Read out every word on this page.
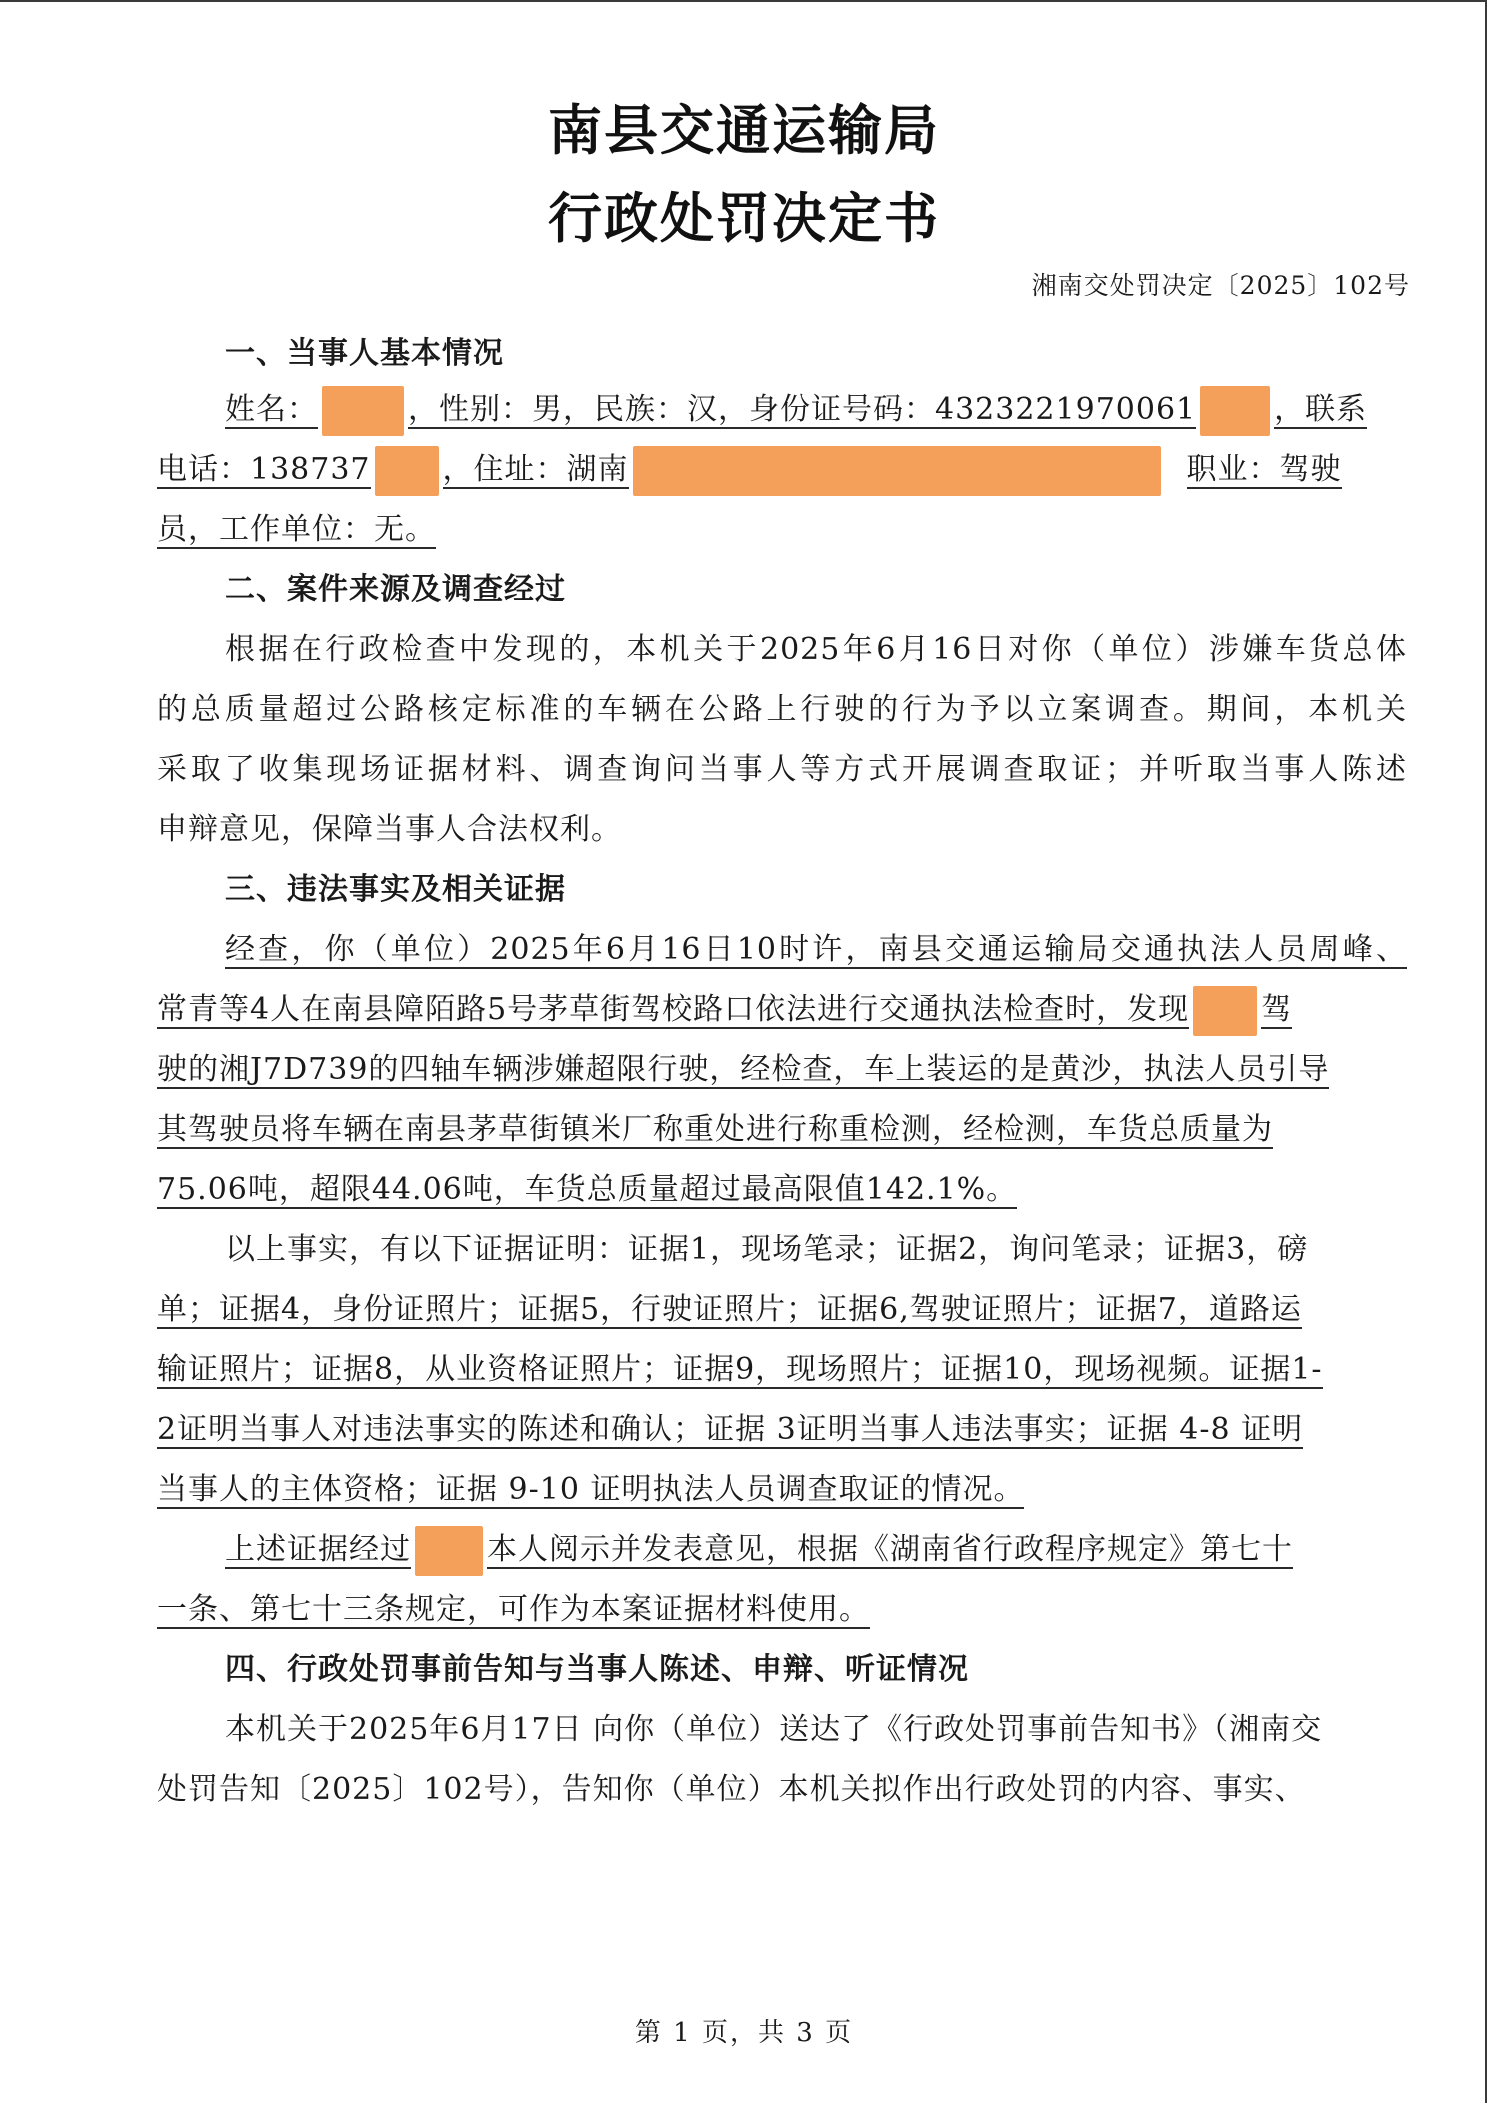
南县交通运输局
行政处罚决定书
湘南交处罚决定〔2025〕102号
一、当事人基本情况
姓名：	，性别：男，民族：汉，身份证号码：4323221970061	，联系
电话：138737 ，住址：湖南	职业：驾驶
员，工作单位：无。
二、案件来源及调查经过
根据在行政检查中发现的，本机关于2025年6月16日对你（单位）涉嫌车货总体
的总质量超过公路核定标准的车辆在公路上行驶的行为予以立案调查。期间，本机关
采取了收集现场证据材料、调查询问当事人等方式开展调查取证；并听取当事人陈述
申辩意见，保障当事人合法权利。
三、违法事实及相关证据
经查，你（单位）2025年6月16日10时许，南县交通运输局交通执法人员周峰、
常青等4人在南县障陌路5号茅草街驾校路口依法进行交通执法检查时，发现 驾
驶的湘J7D739的四轴车辆涉嫌超限行驶，经检查，车上装运的是黄沙，执法人员引导
其驾驶员将车辆在南县茅草街镇米厂称重处进行称重检测，经检测，车货总质量为
75.06吨，超限44.06吨，车货总质量超过最高限值142.1%。
以上事实，有以下证据证明：证据1，现场笔录；证据2，询问笔录；证据3，磅
单；证据4，身份证照片；证据5，行驶证照片；证据6,驾驶证照片；证据7，道路运
输证照片；证据8，从业资格证照片；证据9，现场照片；证据10，现场视频。证据1-
2证明当事人对违法事实的陈述和确认；证据 3证明当事人违法事实；证据 4-8 证明
当事人的主体资格；证据 9-10 证明执法人员调查取证的情况。
上述证据经过	本人阅示并发表意见，根据《湖南省行政程序规定》第七十
一条、第七十三条规定，可作为本案证据材料使用。
四、行政处罚事前告知与当事人陈述、申辩、听证情况
本机关于2025年6月17日 向你（单位）送达了《行政处罚事前告知书》（湘南交
处罚告知〔2025〕102号），告知你（单位）本机关拟作出行政处罚的内容、事实、
第 1 页，共 3 页
